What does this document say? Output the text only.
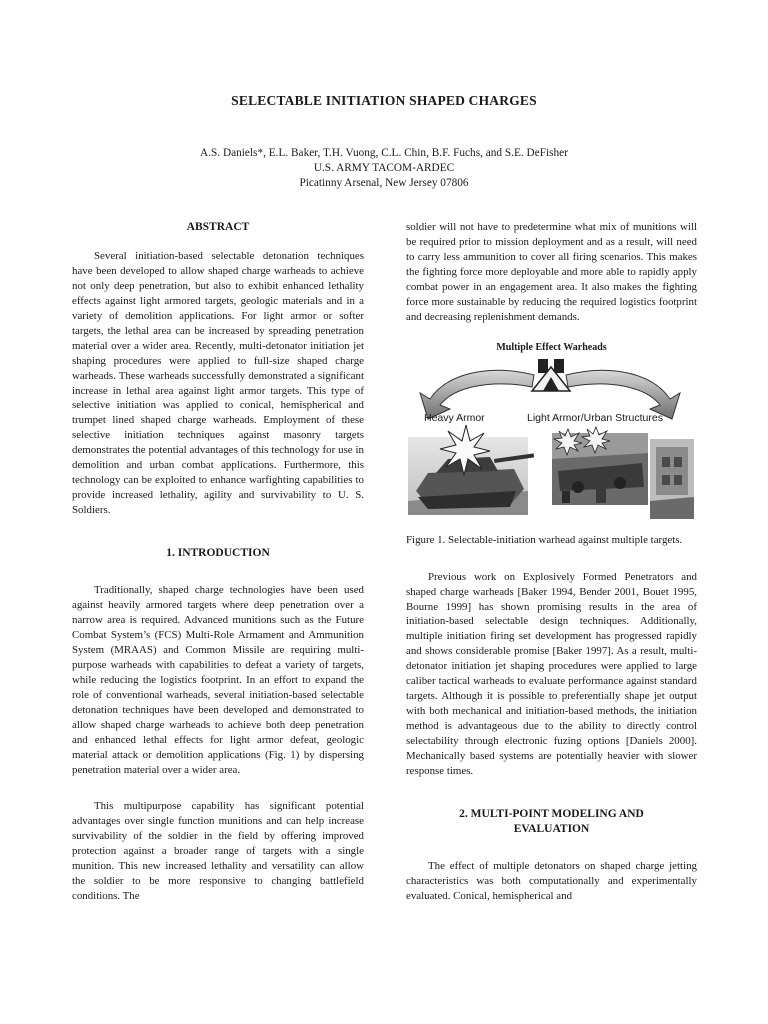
SELECTABLE INITIATION SHAPED CHARGES
A.S. Daniels*, E.L. Baker, T.H. Vuong, C.L. Chin, B.F. Fuchs, and S.E. DeFisher
U.S. ARMY TACOM-ARDEC
Picatinny Arsenal, New Jersey 07806
ABSTRACT

Several initiation-based selectable detonation techniques have been developed to allow shaped charge warheads to achieve not only deep penetration, but also to exhibit enhanced lethality effects against light armored targets, geologic materials and in a variety of demolition applications. For light armor or softer targets, the lethal area can be increased by spreading penetration material over a wider area. Recently, multi-detonator initiation jet shaping procedures were applied to full-size shaped charge warheads. These warheads successfully demonstrated a significant increase in lethal area against light armor targets. This type of selective initiation was applied to conical, hemispherical and trumpet lined shaped charge warheads. Employment of these selective initiation techniques against masonry targets demonstrates the potential advantages of this technology for use in demolition and urban combat applications. Furthermore, this technology can be exploited to enhance warfighting capabilities to provide increased lethality, agility and survivability to U. S. Soldiers.

1. INTRODUCTION

Traditionally, shaped charge technologies have been used against heavily armored targets where deep penetration over a narrow area is required. Advanced munitions such as the Future Combat System’s (FCS) Multi-Role Armament and Ammunition System (MRAAS) and Common Missile are requiring multi-purpose warheads with capabilities to defeat a variety of targets, while reducing the logistics footprint. In an effort to expand the role of conventional warheads, several initiation-based selectable detonation techniques have been developed and demonstrated to allow shaped charge warheads to achieve both deep penetration and enhanced lethal effects for light armor defeat, geologic material attack or demolition applications (Fig. 1) by dispersing penetration material over a wider area.

This multipurpose capability has significant potential advantages over single function munitions and can help increase survivability of the soldier in the field by offering improved protection against a broader range of targets with a single munition. This new increased lethality and versatility can allow the soldier to be more responsive to changing battlefield conditions. The

soldier will not have to predetermine what mix of munitions will be required prior to mission deployment and as a result, will need to carry less ammunition to cover all firing scenarios. This makes the fighting force more deployable and more able to rapidly apply combat power in an engagement area. It also makes the fighting force more sustainable by reducing the required logistics footprint and decreasing replenishment demands.

Multiple Effect Warheads
Heavy Armor	Light Armor/Urban Structures

Figure 1. Selectable-initiation warhead against multiple targets.

Previous work on Explosively Formed Penetrators and shaped charge warheads [Baker 1994, Bender 2001, Bouet 1995, Bourne 1999] has shown promising results in the area of initiation-based selectable design techniques. Additionally, multiple initiation firing set development has progressed rapidly and shows considerable promise [Baker 1997]. As a result, multi-detonator initiation jet shaping procedures were applied to large caliber tactical warheads to evaluate performance against standard targets. Although it is possible to preferentially shape jet output with both mechanical and initiation-based methods, the initiation method is advantageous due to the ability to directly control selectability through electronic fuzing options [Daniels 2000]. Mechanically based systems are potentially heavier with slower response times.

2. MULTI-POINT MODELING AND
EVALUATION

The effect of multiple detonators on shaped charge jetting characteristics was both computationally and experimentally evaluated. Conical, hemispherical and
